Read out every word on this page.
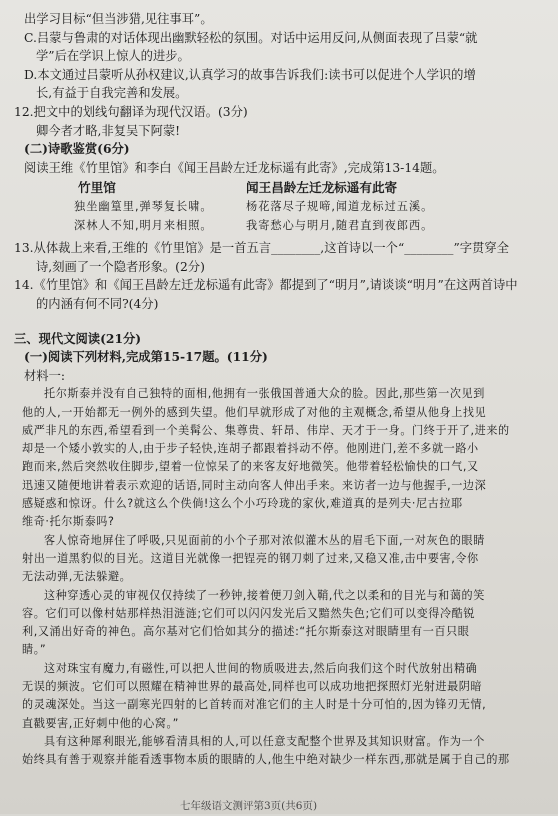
出学习目标“但当涉猎,见往事耳”。
C.吕蒙与鲁肃的对话体现出幽默轻松的氛围。对话中运用反问,从侧面表现了吕蒙“就
学”后在学识上惊人的进步。
D.本文通过吕蒙听从孙权建议,认真学习的故事告诉我们:读书可以促进个人学识的增
长,有益于自我完善和发展。
12.把文中的划线句翻译为现代汉语。(3分)
卿今者才略,非复吴下阿蒙!
(二)诗歌鉴赏(6分)
阅读王维《竹里馆》和李白《闻王昌龄左迁龙标遥有此寄》,完成第13-14题。
竹里馆	闻王昌龄左迁龙标遥有此寄
独坐幽篁里,弹琴复长啸。	杨花落尽子规啼,闻道龙标过五溪。
深林人不知,明月来相照。	我寄愁心与明月,随君直到夜郎西。
13.从体裁上来看,王维的《竹里馆》是一首五言________,这首诗以一个“________”字贯穿全
诗,刻画了一个隐者形象。(2分)
14.《竹里馆》和《闻王昌龄左迁龙标遥有此寄》都提到了“明月”,请谈谈“明月”在这两首诗中
的内涵有何不同?(4分)
三、现代文阅读(21分)
(一)阅读下列材料,完成第15-17题。(11分)
材料一:
托尔斯泰并没有自己独特的面相,他拥有一张俄国普通大众的脸。因此,那些第一次见到
他的人,一开始都无一例外的感到失望。他们早就形成了对他的主观概念,希望从他身上找见
威严非凡的东西,希望看到一个美髯公、集尊贵、轩昂、伟岸、天才于一身。门终于开了,进来的
却是一个矮小敦实的人,由于步子轻快,连胡子都跟着抖动不停。他刚进门,差不多就一路小
跑而来,然后突然收住脚步,望着一位惊呆了的来客友好地微笑。他带着轻松愉快的口气,又
迅速又随便地讲着表示欢迎的话语,同时主动向客人伸出手来。来访者一边与他握手,一边深
感疑惑和惊讶。什么?就这么个佚倘!这么个小巧玲珑的家伙,难道真的是列夫·尼古拉耶
维奇·托尔斯泰吗?
客人惊奇地屏住了呼吸,只见面前的小个子那对浓似灌木丛的眉毛下面,一对灰色的眼睛
射出一道黑豹似的目光。这道目光就像一把锃亮的钢刀刺了过来,又稳又准,击中要害,令你
无法动弹,无法躲避。
这种穿透心灵的审视仅仅持续了一秒钟,接着便刀剑入鞘,代之以柔和的目光与和蔼的笑
容。它们可以像村姑那样热泪涟涟;它们可以闪闪发光后又黯然失色;它们可以变得冷酷锐
利,又涌出好奇的神色。高尔基对它们恰如其分的描述:“托尔斯泰这对眼睛里有一百只眼
睛。”
这对珠宝有魔力,有磁性,可以把人世间的物质吸进去,然后向我们这个时代放射出精确
无误的频波。它们可以照耀在精神世界的最高处,同样也可以成功地把探照灯光射进最阴暗
的灵魂深处。当这一副寒光四射的匕首转而对准它们的主人时是十分可怕的,因为锋刃无情,
直戳要害,正好刺中他的心窝。”
具有这种犀利眼光,能够看清具相的人,可以任意支配整个世界及其知识财富。作为一个
始终具有善于观察并能看透事物本质的眼睛的人,他生中绝对缺少一样东西,那就是属于自己的那
七年级语文测评第3页(共6页)
